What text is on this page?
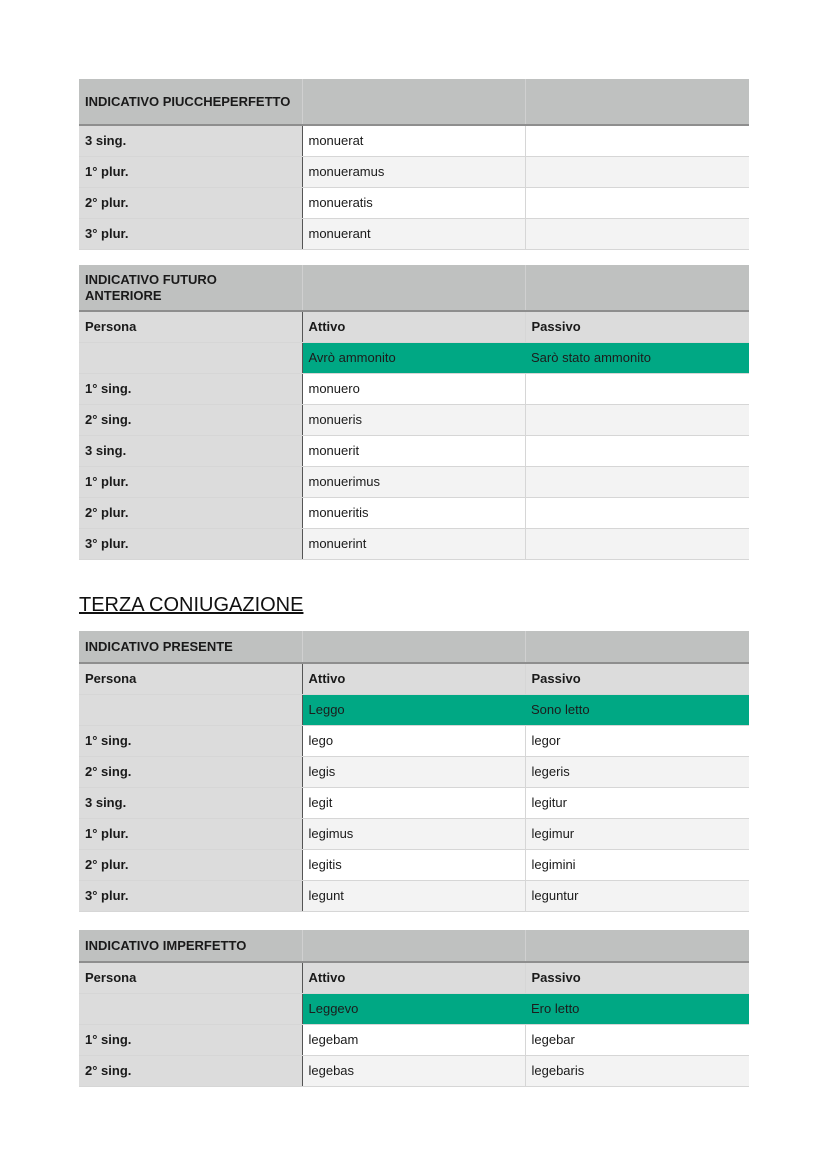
INDICATIVO PIUCCHEPERFETTO		
3 sing.	monuerat	
1° plur.	monueramus	
2° plur.	monueratis	
3° plur.	monuerant	
INDICATIVO FUTURO ANTERIORE		
Persona	Attivo	Passivo
	Avrò ammonito	Sarò stato ammonito
1° sing.	monuero	
2° sing.	monueris	
3 sing.	monuerit	
1° plur.	monuerimus	
2° plur.	monueritis	
3° plur.	monuerint	
TERZA CONIUGAZIONE
INDICATIVO PRESENTE		
Persona	Attivo	Passivo
	Leggo	Sono letto
1° sing.	lego	legor
2° sing.	legis	legeris
3 sing.	legit	legitur
1° plur.	legimus	legimur
2° plur.	legitis	legimini
3° plur.	legunt	leguntur
INDICATIVO IMPERFETTO		
Persona	Attivo	Passivo
	Leggevo	Ero letto
1° sing.	legebam	legebar
2° sing.	legebas	legebaris
